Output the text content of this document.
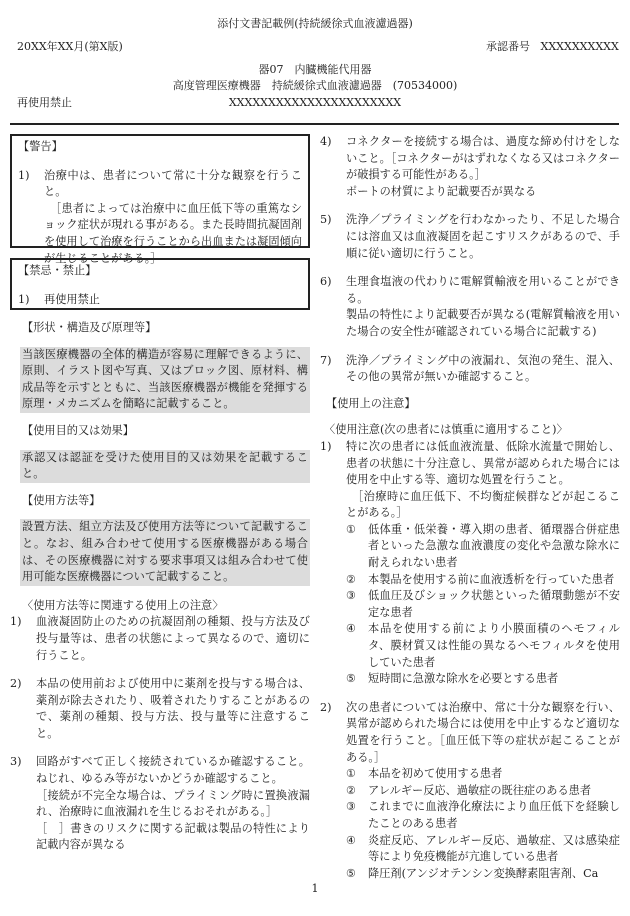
添付文書記載例(持続緩徐式血液濾過器)
20XX年XX月(第X版)	承認番号 XXXXXXXXXX
器07　内臓機能代用器
高度管理医療機器　持続緩徐式血液濾過器　(70534000)
再使用禁止	XXXXXXXXXXXXXXXXXXXXXX
【警告】
1)	治療中は、患者について常に十分な観察を行うこと。
［患者によっては治療中に血圧低下等の重篤なショック症状が現れる事がある。また長時間抗凝固剤を使用して治療を行うことから出血または凝固傾向が生じることがある。］
【禁忌・禁止】
1)	再使用禁止
【形状・構造及び原理等】
当該医療機器の全体的構造が容易に理解できるように、原則、イラスト図や写真、又はブロック図、原材料、構成品等を示すとともに、当該医療機器が機能を発揮する原理・メカニズムを簡略に記載すること。
【使用目的又は効果】
承認又は認証を受けた使用目的又は効果を記載すること。
【使用方法等】
設置方法、組立方法及び使用方法等について記載すること。なお、組み合わせて使用する医療機器がある場合は、その医療機器に対する要求事項又は組み合わせて使用可能な医療機器について記載すること。
〈使用方法等に関連する使用上の注意〉
1)	血液凝固防止のための抗凝固剤の種類、投与方法及び投与量等は、患者の状態によって異なるので、適切に行うこと。
2)	本品の使用前および使用中に薬剤を投与する場合は、薬剤が除去されたり、吸着されたりすることがあるので、薬剤の種類、投与方法、投与量等に注意すること。
3)	回路がすべて正しく接続されているか確認すること。ねじれ、ゆるみ等がないかどうか確認すること。
［接続が不完全な場合は、プライミング時に置換液漏れ、治療時に血液漏れを生じるおそれがある。］
［　］書きのリスクに関する記載は製品の特性により記載内容が異なる
4)	コネクターを接続する場合は、過度な締め付けをしないこと。［コネクターがはずれなくなる又はコネクターが破損する可能性がある。］
ポートの材質により記載要否が異なる
5)	洗浄／プライミングを行わなかったり、不足した場合には溶血又は血液凝固を起こすリスクがあるので、手順に従い適切に行うこと。
6)	生理食塩液の代わりに電解質輸液を用いることができる。
製品の特性により記載要否が異なる(電解質輸液を用いた場合の安全性が確認されている場合に記載する)
7)	洗浄／プライミング中の液漏れ、気泡の発生、混入、その他の異常が無いか確認すること。
【使用上の注意】
〈使用注意(次の患者には慎重に適用すること)〉
1)	特に次の患者には低血液流量、低除水流量で開始し、患者の状態に十分注意し、異常が認められた場合には使用を中止する等、適切な処置を行うこと。
［治療時に血圧低下、不均衡症候群などが起こることがある。］
①	低体重・低栄養・導入期の患者、循環器合併症患者といった急激な血液濃度の変化や急激な除水に耐えられない患者
②	本製品を使用する前に血液透析を行っていた患者
③	低血圧及びショック状態といった循環動態が不安定な患者
④	本品を使用する前により小膜面積のヘモフィルタ、膜材質又は性能の異なるヘモフィルタを使用していた患者
⑤	短時間に急激な除水を必要とする患者
2)	次の患者については治療中、常に十分な観察を行い、異常が認められた場合には使用を中止するなど適切な処置を行うこと。［血圧低下等の症状が起こることがある。］
①	本品を初めて使用する患者
②	アレルギー反応、過敏症の既往症のある患者
③	これまでに血液浄化療法により血圧低下を経験したことのある患者
④	炎症反応、アレルギー反応、過敏症、又は感染症等により免疫機能が亢進している患者
⑤	降圧剤(アンジオテンシン変換酵素阻害剤、Ca
1
